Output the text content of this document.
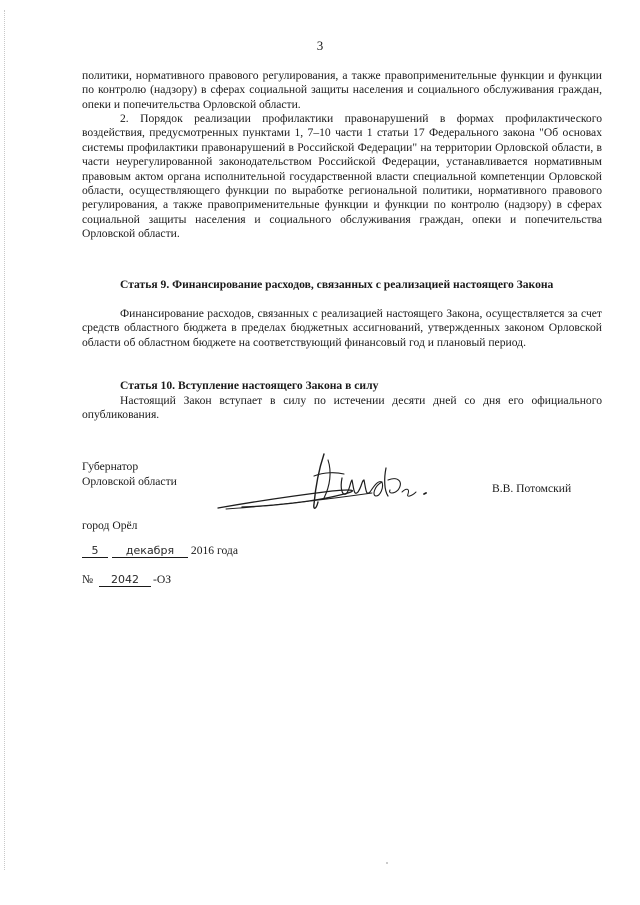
3

политики, нормативного правового регулирования, а также правоприменительные функции и функции по контролю (надзору) в сферах социальной защиты населения и социального обслуживания граждан, опеки и попечительства Орловской области.

2. Порядок реализации профилактики правонарушений в формах профилактического воздействия, предусмотренных пунктами 1, 7–10 части 1 статьи 17 Федерального закона "Об основах системы профилактики правонарушений в Российской Федерации" на территории Орловской области, в части неурегулированной законодательством Российской Федерации, устанавливается нормативным правовым актом органа исполнительной государственной власти специальной компетенции Орловской области, осуществляющего функции по выработке региональной политики, нормативного правового регулирования, а также правоприменительные функции и функции по контролю (надзору) в сферах социальной защиты населения и социального обслуживания граждан, опеки и попечительства Орловской области.

Статья 9. Финансирование расходов, связанных с реализацией настоящего Закона

Финансирование расходов, связанных с реализацией настоящего Закона, осуществляется за счет средств областного бюджета в пределах бюджетных ассигнований, утвержденных законом Орловской области об областном бюджете на соответствующий финансовый год и плановый период.

Статья 10. Вступление настоящего Закона в силу

Настоящий Закон вступает в силу по истечении десяти дней со дня его официального опубликования.

Губернатор
Орловской области
В.В. Потомский
город Орёл
5 декабря 2016 года
№ 2042 -ОЗ
